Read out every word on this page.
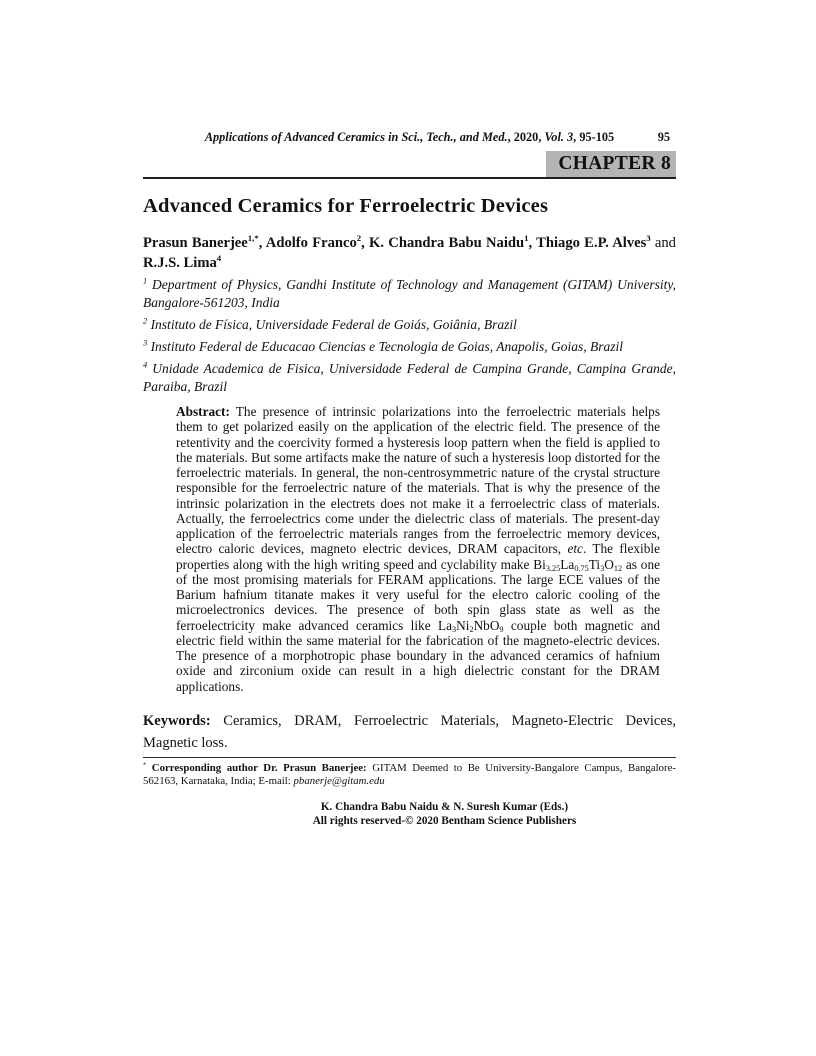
Applications of Advanced Ceramics in Sci., Tech., and Med., 2020, Vol. 3, 95-105	95
CHAPTER 8
Advanced Ceramics for Ferroelectric Devices

Prasun Banerjee$^{1,*}$, Adolfo Franco$^2$, K. Chandra Babu Naidu$^1$, Thiago E.P. Alves$^3$ and R.J.S. Lima$^4$

$^1$ Department of Physics, Gandhi Institute of Technology and Management (GITAM) University, Bangalore-561203, India

$^2$ Instituto de Física, Universidade Federal de Goiás, Goiânia, Brazil

$^3$ Instituto Federal de Educacao Ciencias e Tecnologia de Goias, Anapolis, Goias, Brazil

$^4$ Unidade Academica de Fisica, Universidade Federal de Campina Grande, Campina Grande, Paraiba, Brazil

Abstract: The presence of intrinsic polarizations into the ferroelectric materials helps them to get polarized easily on the application of the electric field. The presence of the retentivity and the coercivity formed a hysteresis loop pattern when the field is applied to the materials. But some artifacts make the nature of such a hysteresis loop distorted for the ferroelectric materials. In general, the non-centrosymmetric nature of the crystal structure responsible for the ferroelectric nature of the materials. That is why the presence of the intrinsic polarization in the electrets does not make it a ferroelectric class of materials. Actually, the ferroelectrics come under the dielectric class of materials. The present-day application of the ferroelectric materials ranges from the ferroelectric memory devices, electro caloric devices, magneto electric devices, DRAM capacitors, etc. The flexible properties along with the high writing speed and cyclability make $Bi_{3.25}La_{0.75}Ti_3O_{12}$ as one of the most promising materials for FERAM applications. The large ECE values of the Barium hafnium titanate makes it very useful for the electro caloric cooling of the microelectronics devices. The presence of both spin glass state as well as the ferroelectricity make advanced ceramics like $La_3Ni_2NbO_9$ couple both magnetic and electric field within the same material for the fabrication of the magneto-electric devices. The presence of a morphotropic phase boundary in the advanced ceramics of hafnium oxide and zirconium oxide can result in a high dielectric constant for the DRAM applications.

Keywords: Ceramics, DRAM, Ferroelectric Materials, Magneto-Electric Devices, Magnetic loss.

* Corresponding author Dr. Prasun Banerjee: GITAM Deemed to Be University-Bangalore Campus, Bangalore-562163, Karnataka, India; E-mail: pbanerje@gitam.edu

K. Chandra Babu Naidu & N. Suresh Kumar (Eds.)

All rights reserved-© 2020 Bentham Science Publishers
